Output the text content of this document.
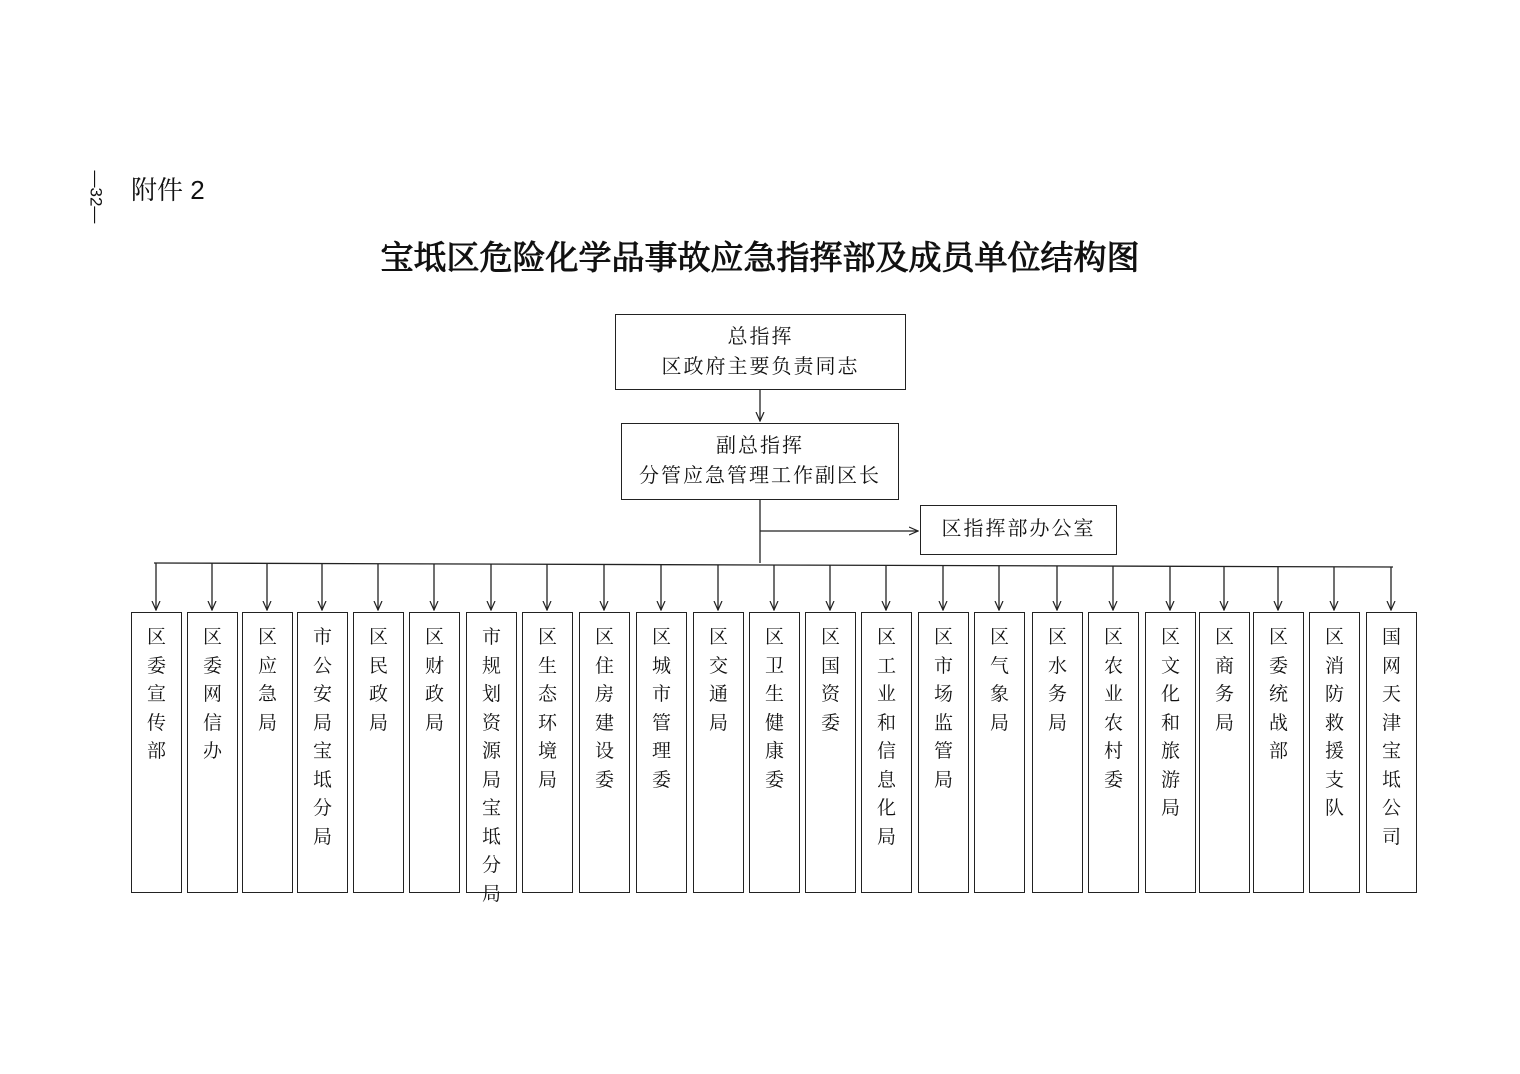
—32— 附件 2
宝坻区危险化学品事故应急指挥部及成员单位结构图
总指挥
区政府主要负责同志
副总指挥
分管应急管理工作副区长
区指挥部办公室
区委宣传部
区委网信办
区应急局
市公安局宝坻分局
区民政局
区财政局
市规划资源局宝坻分局
区生态环境局
区住房建设委
区城市管理委
区交通局
区卫生健康委
区国资委
区工业和信息化局
区市场监管局
区气象局
区水务局
区农业农村委
区文化和旅游局
区商务局
区委统战部
区消防救援支队
国网天津宝坻公司
